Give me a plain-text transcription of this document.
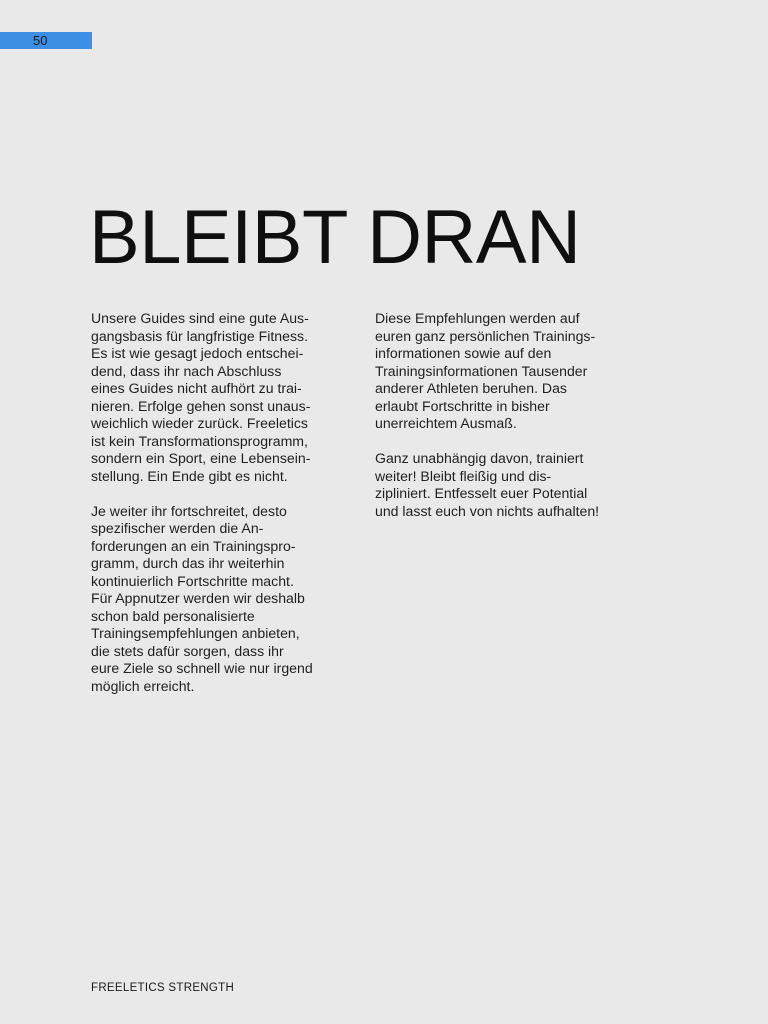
50
BLEIBT DRAN

Unsere Guides sind eine gute Aus-
gangsbasis für langfristige Fitness.
Es ist wie gesagt jedoch entschei-
dend, dass ihr nach Abschluss
eines Guides nicht aufhört zu trai-
nieren. Erfolge gehen sonst unaus-
weichlich wieder zurück. Freeletics
ist kein Transformationsprogramm,
sondern ein Sport, eine Lebensein-
stellung. Ein Ende gibt es nicht.

Je weiter ihr fortschreitet, desto
spezifischer werden die An-
forderungen an ein Trainingspro-
gramm, durch das ihr weiterhin
kontinuierlich Fortschritte macht.
Für Appnutzer werden wir deshalb
schon bald personalisierte
Trainingsempfehlungen anbieten,
die stets dafür sorgen, dass ihr
eure Ziele so schnell wie nur irgend
möglich erreicht.

Diese Empfehlungen werden auf
euren ganz persönlichen Trainings-
informationen sowie auf den
Trainingsinformationen Tausender
anderer Athleten beruhen. Das
erlaubt Fortschritte in bisher
unerreichtem Ausmaß.

Ganz unabhängig davon, trainiert
weiter! Bleibt fleißig und dis-
zipliniert. Entfesselt euer Potential
und lasst euch von nichts aufhalten!

FREELETICS STRENGTH
